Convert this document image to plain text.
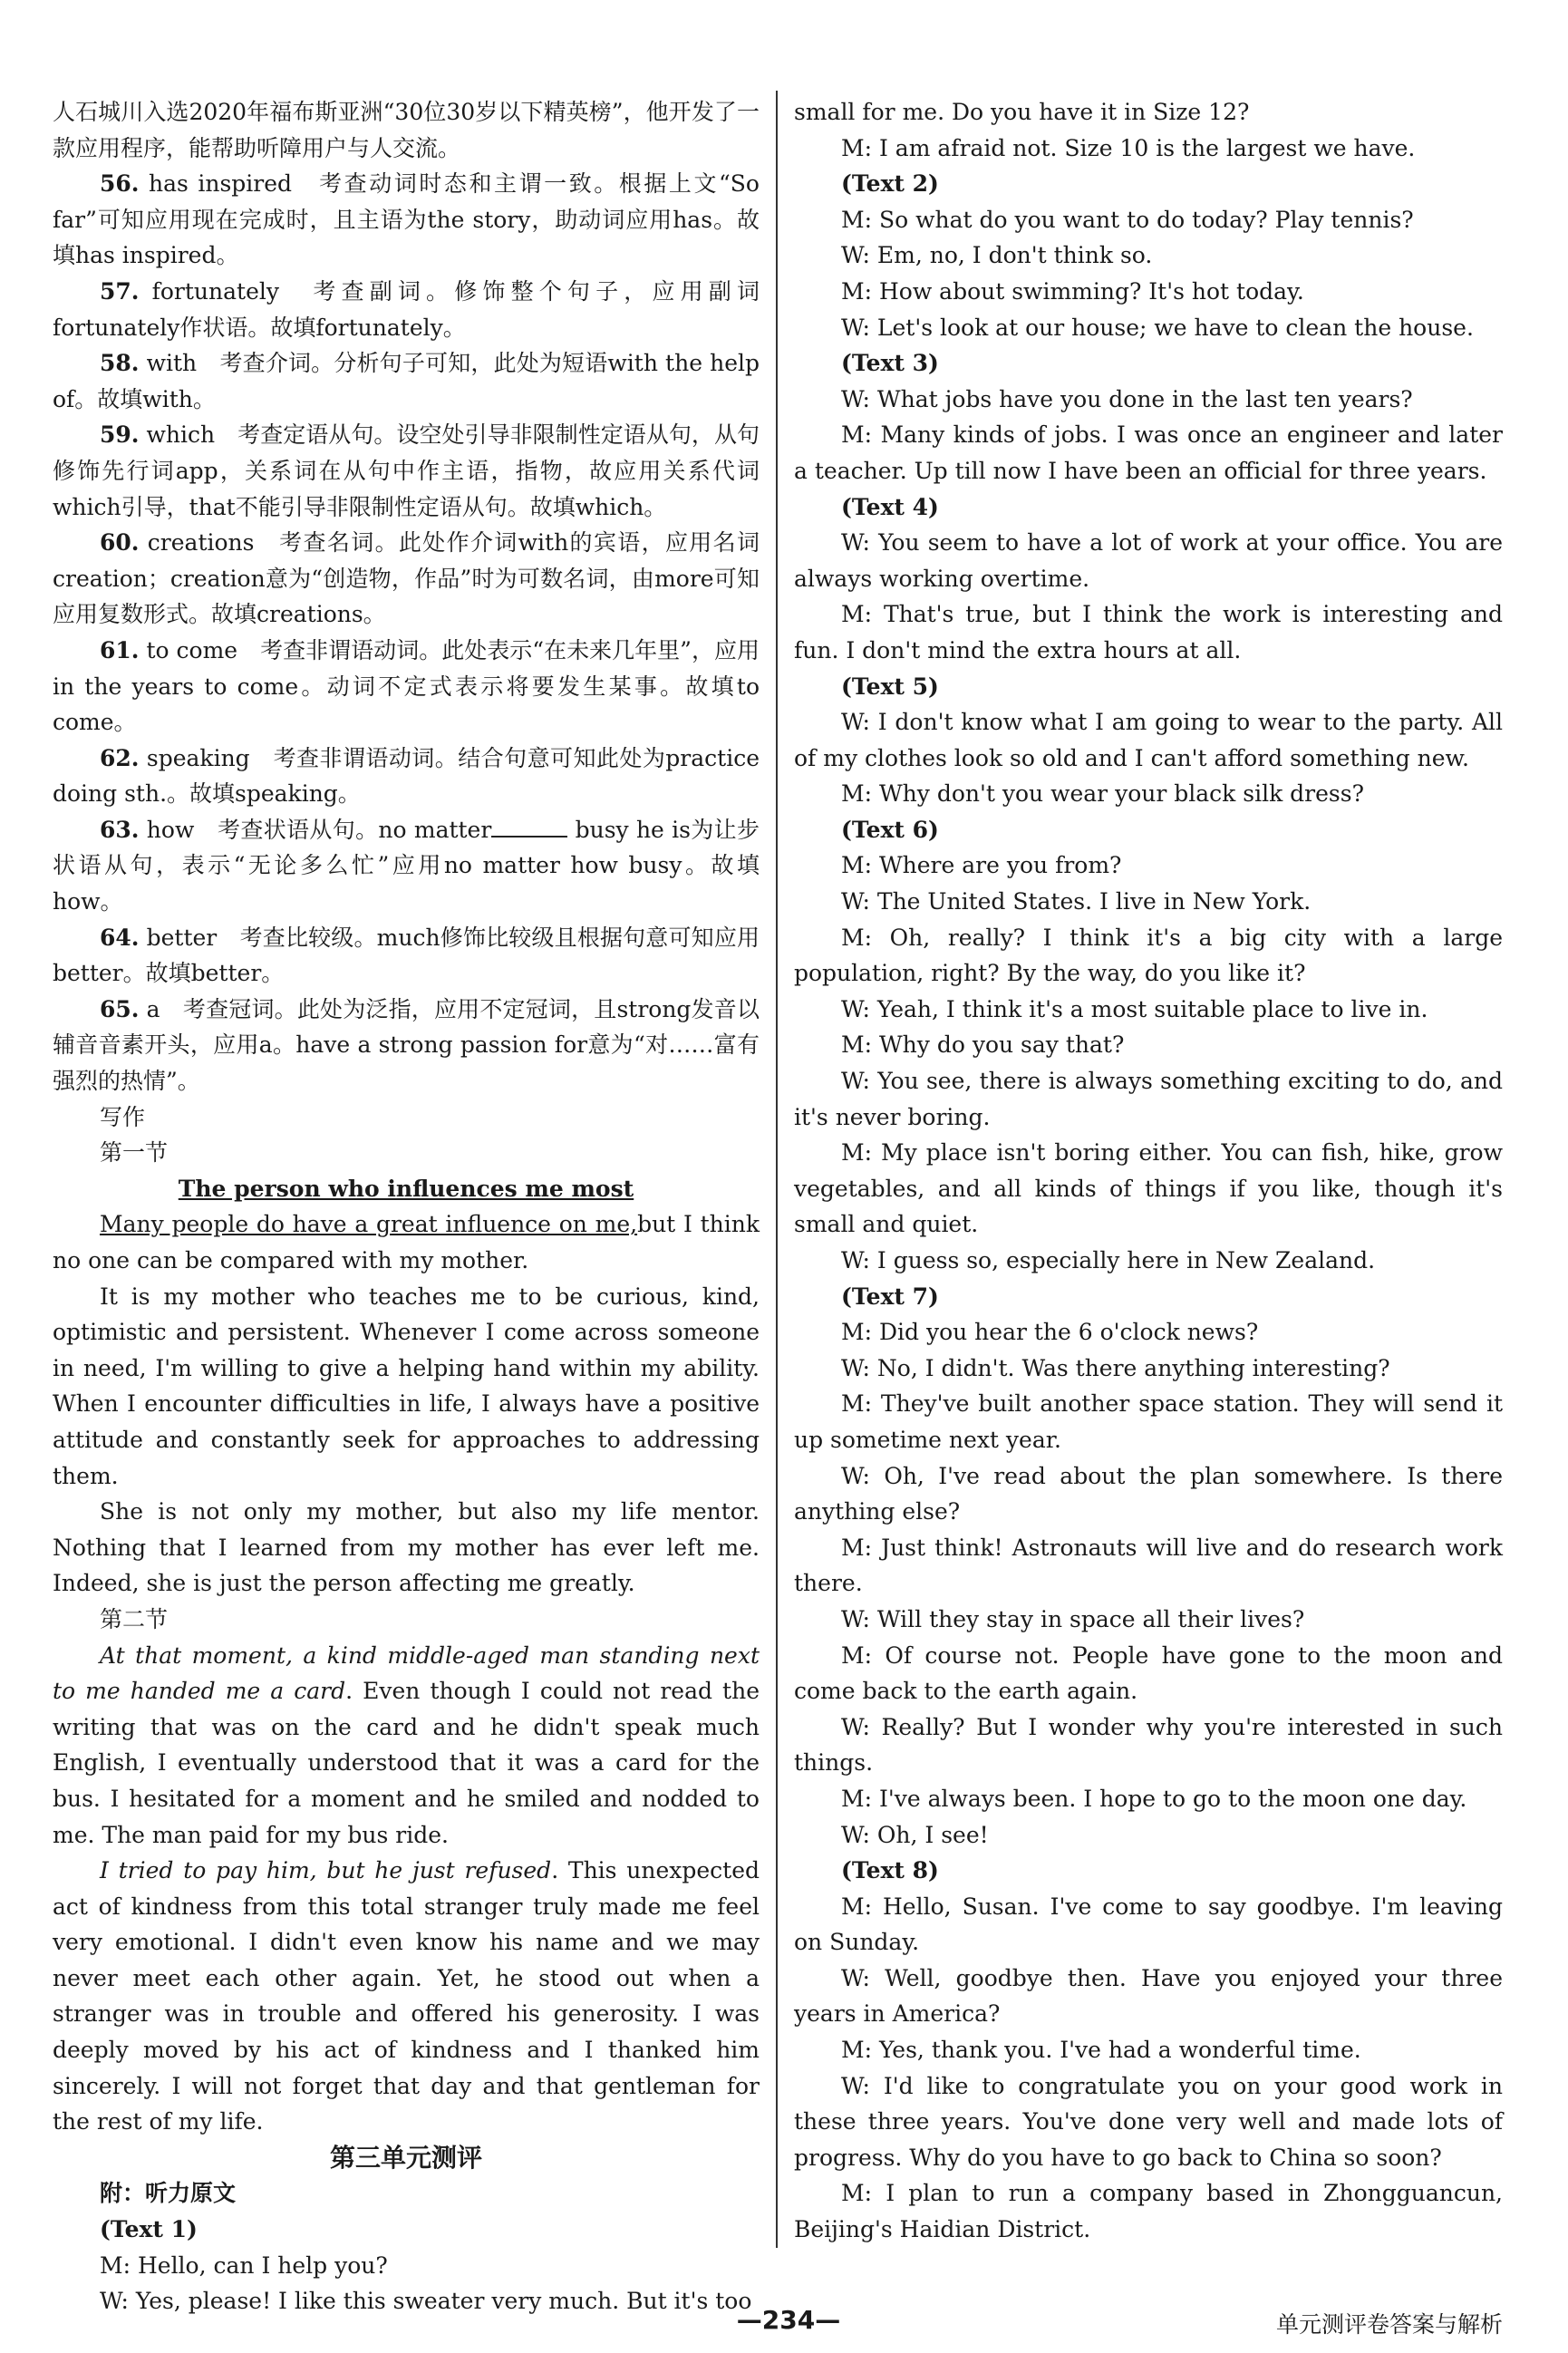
人石城川入选2020年福布斯亚洲“30位30岁以下精英榜”，他开发了一款应用程序，能帮助听障用户与人交流。

56. has inspired　考查动词时态和主谓一致。根据上文“So far”可知应用现在完成时，且主语为the story，助动词应用has。故填has inspired。

57. fortunately　考查副词。修饰整个句子，应用副词fortunately作状语。故填fortunately。

58. with　考查介词。分析句子可知，此处为短语with the help of。故填with。

59. which　考查定语从句。设空处引导非限制性定语从句，从句修饰先行词app，关系词在从句中作主语，指物，故应用关系代词which引导，that不能引导非限制性定语从句。故填which。

60. creations　考查名词。此处作介词with的宾语，应用名词creation；creation意为“创造物，作品”时为可数名词，由more可知应用复数形式。故填creations。

61. to come　考查非谓语动词。此处表示“在未来几年里”，应用in the years to come。动词不定式表示将要发生某事。故填to come。

62. speaking　考查非谓语动词。结合句意可知此处为practice doing sth.。故填speaking。

63. how　考查状语从句。no matter	busy he is为让步状语从句，表示“无论多么忙”应用no matter how busy。故填how。

64. better　考查比较级。much修饰比较级且根据句意可知应用better。故填better。

65. a　考查冠词。此处为泛指，应用不定冠词，且strong发音以辅音音素开头，应用a。have a strong passion for意为“对……富有强烈的热情”。

写作

第一节

The person who influences me most

Many people do have a great influence on me,but I think no one can be compared with my mother.

It is my mother who teaches me to be curious, kind, optimistic and persistent. Whenever I come across someone in need, I'm willing to give a helping hand within my ability. When I encounter difficulties in life, I always have a positive attitude and constantly seek for approaches to addressing them.

She is not only my mother, but also my life mentor. Nothing that I learned from my mother has ever left me. Indeed, she is just the person affecting me greatly.

第二节

At that moment, a kind middle-aged man standing next to me handed me a card. Even though I could not read the writing that was on the card and he didn't speak much English, I eventually understood that it was a card for the bus. I hesitated for a moment and he smiled and nodded to me. The man paid for my bus ride.

I tried to pay him, but he just refused. This unexpected act of kindness from this total stranger truly made me feel very emotional. I didn't even know his name and we may never meet each other again. Yet, he stood out when a stranger was in trouble and offered his generosity. I was deeply moved by his act of kindness and I thanked him sincerely. I will not forget that day and that gentleman for the rest of my life.

第三单元测评

附：听力原文

(Text 1)

M: Hello, can I help you?

W: Yes, please! I like this sweater very much. But it's too

small for me. Do you have it in Size 12?

M: I am afraid not. Size 10 is the largest we have.

(Text 2)

M: So what do you want to do today? Play tennis?

W: Em, no, I don't think so.

M: How about swimming? It's hot today.

W: Let's look at our house; we have to clean the house.

(Text 3)

W: What jobs have you done in the last ten years?

M: Many kinds of jobs. I was once an engineer and later a teacher. Up till now I have been an official for three years.

(Text 4)

W: You seem to have a lot of work at your office. You are always working overtime.

M: That's true, but I think the work is interesting and fun. I don't mind the extra hours at all.

(Text 5)

W: I don't know what I am going to wear to the party. All of my clothes look so old and I can't afford something new.

M: Why don't you wear your black silk dress?

(Text 6)

M: Where are you from?

W: The United States. I live in New York.

M: Oh, really? I think it's a big city with a large population, right? By the way, do you like it?

W: Yeah, I think it's a most suitable place to live in.

M: Why do you say that?

W: You see, there is always something exciting to do, and it's never boring.

M: My place isn't boring either. You can fish, hike, grow vegetables, and all kinds of things if you like, though it's small and quiet.

W: I guess so, especially here in New Zealand.

(Text 7)

M: Did you hear the 6 o'clock news?

W: No, I didn't. Was there anything interesting?

M: They've built another space station. They will send it up sometime next year.

W: Oh, I've read about the plan somewhere. Is there anything else?

M: Just think! Astronauts will live and do research work there.

W: Will they stay in space all their lives?

M: Of course not. People have gone to the moon and come back to the earth again.

W: Really? But I wonder why you're interested in such things.

M: I've always been. I hope to go to the moon one day.

W: Oh, I see!

(Text 8)

M: Hello, Susan. I've come to say goodbye. I'm leaving on Sunday.

W: Well, goodbye then. Have you enjoyed your three years in America?

M: Yes, thank you. I've had a wonderful time.

W: I'd like to congratulate you on your good work in these three years. You've done very well and made lots of progress. Why do you have to go back to China so soon?

M: I plan to run a company based in Zhongguancun, Beijing's Haidian District.

—234—	单元测评卷答案与解析
